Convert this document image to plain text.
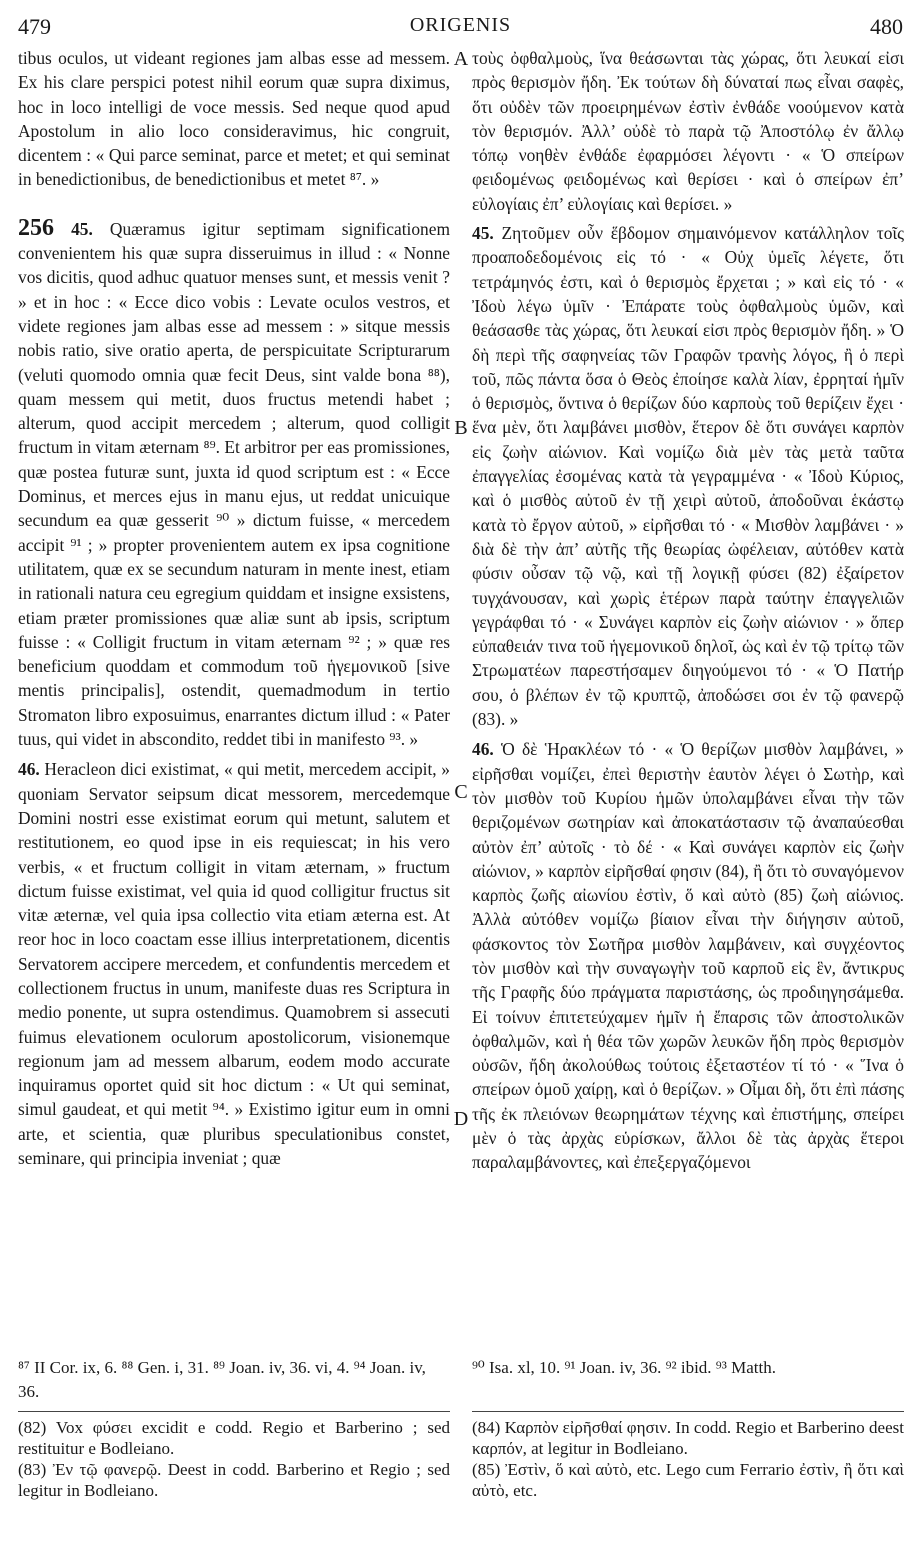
479	ORIGENIS	480

tibus oculos, ut videant regiones jam albas esse ad messem. Ex his clare perspici potest nihil eorum quæ supra diximus, hoc in loco intelligi de voce messis. Sed neque quod apud Apostolum in alio loco consideravimus, hic congruit, dicentem : « Qui parce seminat, parce et metet; et qui seminat in benedictionibus, de benedictionibus et metet ⁸⁷. »

256 45. Quæramus igitur septimam significationem convenientem his quæ supra disseruimus in illud : « Nonne vos dicitis, quod adhuc quatuor menses sunt, et messis venit ? » et in hoc : « Ecce dico vobis : Levate oculos vestros, et videte regiones jam albas esse ad messem : » sitque messis nobis ratio, sive oratio aperta, de perspicuitate Scripturarum (veluti quomodo omnia quæ fecit Deus, sint valde bona ⁸⁸), quam messem qui metit, duos fructus metendi habet ; alterum, quod accipit mercedem ; alterum, quod colligit fructum in vitam æternam ⁸⁹. Et arbitror per eas promissiones, quæ postea futuræ sunt, juxta id quod scriptum est : « Ecce Dominus, et merces ejus in manu ejus, ut reddat unicuique secundum ea quæ gesserit ⁹⁰ » dictum fuisse, « mercedem accipit ⁹¹ ; » propter provenientem autem ex ipsa cognitione utilitatem, quæ ex se secundum naturam in mente inest, etiam in rationali natura ceu egregium quiddam et insigne exsistens, etiam præter promissiones quæ aliæ sunt ab ipsis, scriptum fuisse : « Colligit fructum in vitam æternam ⁹² ; » quæ res beneficium quoddam et commodum τοῦ ἡγεμονικοῦ [sive mentis principalis], ostendit, quemadmodum in tertio Stromaton libro exposuimus, enarrantes dictum illud : « Pater tuus, qui videt in abscondito, reddet tibi in manifesto ⁹³. »

46. Heracleon dici existimat, « qui metit, mercedem accipit, » quoniam Servator seipsum dicat messorem, mercedemque Domini nostri esse existimat eorum qui metunt, salutem et restitutionem, eo quod ipse in eis requiescat; in his vero verbis, « et fructum colligit in vitam æternam, » fructum dictum fuisse existimat, vel quia id quod colligitur fructus sit vitæ æternæ, vel quia ipsa collectio vita etiam æterna est. At reor hoc in loco coactam esse illius interpretationem, dicentis Servatorem accipere mercedem, et confundentis mercedem et collectionem fructus in unum, manifeste duas res Scriptura in medio ponente, ut supra ostendimus. Quamobrem si assecuti fuimus elevationem oculorum apostolicorum, visionemque regionum jam ad messem albarum, eodem modo accurate inquiramus oportet quid sit hoc dictum : « Ut qui seminat, simul gaudeat, et qui metit ⁹⁴. » Existimo igitur eum in omni arte, et scientia, quæ pluribus speculationibus constet, seminare, qui principia inveniat ; quæ

A
B
C
D

τοὺς ὀφθαλμοὺς, ἵνα θεάσωνται τὰς χώρας, ὅτι λευκαί εἰσι πρὸς θερισμὸν ἤδη. Ἐκ τούτων δὴ δύναταί πως εἶναι σαφὲς, ὅτι οὐδὲν τῶν προειρημένων ἐστὶν ἐνθάδε νοούμενον κατὰ τὸν θερισμόν. Ἀλλ’ οὐδὲ τὸ παρὰ τῷ Ἀποστόλῳ ἐν ἄλλῳ τόπῳ νοηθὲν ἐνθάδε ἐφαρμόσει λέγοντι · « Ὁ σπείρων φειδομένως φειδομένως καὶ θερίσει · καὶ ὁ σπείρων ἐπ’ εὐλογίαις ἐπ’ εὐλογίαις καὶ θερίσει. »

45. Ζητοῦμεν οὖν ἕβδομον σημαινόμενον κατάλληλον τοῖς προαποδεδομένοις εἰς τό · « Οὐχ ὑμεῖς λέγετε, ὅτι τετράμηνός ἐστι, καὶ ὁ θερισμὸς ἔρχεται ; » καὶ εἰς τό · « Ἰδοὺ λέγω ὑμῖν · Ἐπάρατε τοὺς ὀφθαλμοὺς ὑμῶν, καὶ θεάσασθε τὰς χώρας, ὅτι λευκαί εἰσι πρὸς θερισμὸν ἤδη. » Ὁ δὴ περὶ τῆς σαφηνείας τῶν Γραφῶν τρανὴς λόγος, ἢ ὁ περὶ τοῦ, πῶς πάντα ὅσα ὁ Θεὸς ἐποίησε καλὰ λίαν, ἐρρηταί ἡμῖν ὁ θερισμὸς, ὅντινα ὁ θερίζων δύο καρποὺς τοῦ θερίζειν ἔχει · ἕνα μὲν, ὅτι λαμβάνει μισθὸν, ἕτερον δὲ ὅτι συνάγει καρπὸν εἰς ζωὴν αἰώνιον. Καὶ νομίζω διὰ μὲν τὰς μετὰ ταῦτα ἐπαγγελίας ἐσομένας κατὰ τὰ γεγραμμένα · « Ἰδοὺ Κύριος, καὶ ὁ μισθὸς αὐτοῦ ἐν τῇ χειρὶ αὐτοῦ, ἀποδοῦναι ἑκάστῳ κατὰ τὸ ἔργον αὐτοῦ, » εἰρῆσθαι τό · « Μισθὸν λαμβάνει · » διὰ δὲ τὴν ἀπ’ αὐτῆς τῆς θεωρίας ὠφέλειαν, αὐτόθεν κατὰ φύσιν οὖσαν τῷ νῷ, καὶ τῇ λογικῇ φύσει (82) ἐξαίρετον τυγχάνουσαν, καὶ χωρὶς ἑτέρων παρὰ ταύτην ἐπαγγελιῶν γεγράφθαι τό · « Συνάγει καρπὸν εἰς ζωὴν αἰώνιον · » ὅπερ εὐπαθειάν τινα τοῦ ἡγεμονικοῦ δηλοῖ, ὡς καὶ ἐν τῷ τρίτῳ τῶν Στρωματέων παρεστήσαμεν διηγούμενοι τό · « Ὁ Πατήρ σου, ὁ βλέπων ἐν τῷ κρυπτῷ, ἀποδώσει σοι ἐν τῷ φανερῷ (83). »

46. Ὁ δὲ Ἡρακλέων τό · « Ὁ θερίζων μισθὸν λαμβάνει, » εἰρῆσθαι νομίζει, ἐπεὶ θεριστὴν ἑαυτὸν λέγει ὁ Σωτὴρ, καὶ τὸν μισθὸν τοῦ Κυρίου ἡμῶν ὑπολαμβάνει εἶναι τὴν τῶν θεριζομένων σωτηρίαν καὶ ἀποκατάστασιν τῷ ἀναπαύεσθαι αὐτὸν ἐπ’ αὐτοῖς · τὸ δέ · « Καὶ συνάγει καρπὸν εἰς ζωὴν αἰώνιον, » καρπὸν εἰρῆσθαί φησιν (84), ἢ ὅτι τὸ συναγόμενον καρπὸς ζωῆς αἰωνίου ἐστὶν, ὅ καὶ αὐτὸ (85) ζωὴ αἰώνιος. Ἀλλὰ αὐτόθεν νομίζω βίαιον εἶναι τὴν διήγησιν αὐτοῦ, φάσκοντος τὸν Σωτῆρα μισθὸν λαμβάνειν, καὶ συγχέοντος τὸν μισθὸν καὶ τὴν συναγωγὴν τοῦ καρποῦ εἰς ἓν, ἄντικρυς τῆς Γραφῆς δύο πράγματα παριστάσης, ὡς προδιηγησάμεθα. Εἰ τοίνυν ἐπιτετεύχαμεν ἡμῖν ἡ ἔπαρσις τῶν ἀποστολικῶν ὀφθαλμῶν, καὶ ἡ θέα τῶν χωρῶν λευκῶν ἤδη πρὸς θερισμὸν οὐσῶν, ἤδη ἀκολούθως τούτοις ἐξεταστέον τί τό · « Ἵνα ὁ σπείρων ὁμοῦ χαίρῃ, καὶ ὁ θερίζων. » Οἶμαι δὴ, ὅτι ἐπὶ πάσης τῆς ἐκ πλειόνων θεωρημάτων τέχνης καὶ ἐπιστήμης, σπείρει μὲν ὁ τὰς ἀρχὰς εὑρίσκων, ἄλλοι δὲ τὰς ἀρχὰς ἕτεροι παραλαμβάνοντες, καὶ ἐπεξεργαζόμενοι

⁸⁷ II Cor. ix, 6. ⁸⁸ Gen. i, 31. ⁸⁹ Joan. iv, 36. vi, 4. ⁹⁴ Joan. iv, 36.
⁹⁰ Isa. xl, 10. ⁹¹ Joan. iv, 36. ⁹² ibid. ⁹³ Matth.

(82) Vox φύσει excidit e codd. Regio et Barberino ; sed restituitur e Bodleiano.

(83) Ἐν τῷ φανερῷ. Deest in codd. Barberino et Regio ; sed legitur in Bodleiano.

(84) Καρπὸν εἰρῆσθαί φησιν. In codd. Regio et Barberino deest καρπόν, at legitur in Bodleiano.

(85) Ἐστὶν, ὅ καὶ αὐτὸ, etc. Lego cum Ferrario ἐστὶν, ἢ ὅτι καὶ αὐτὸ, etc.
